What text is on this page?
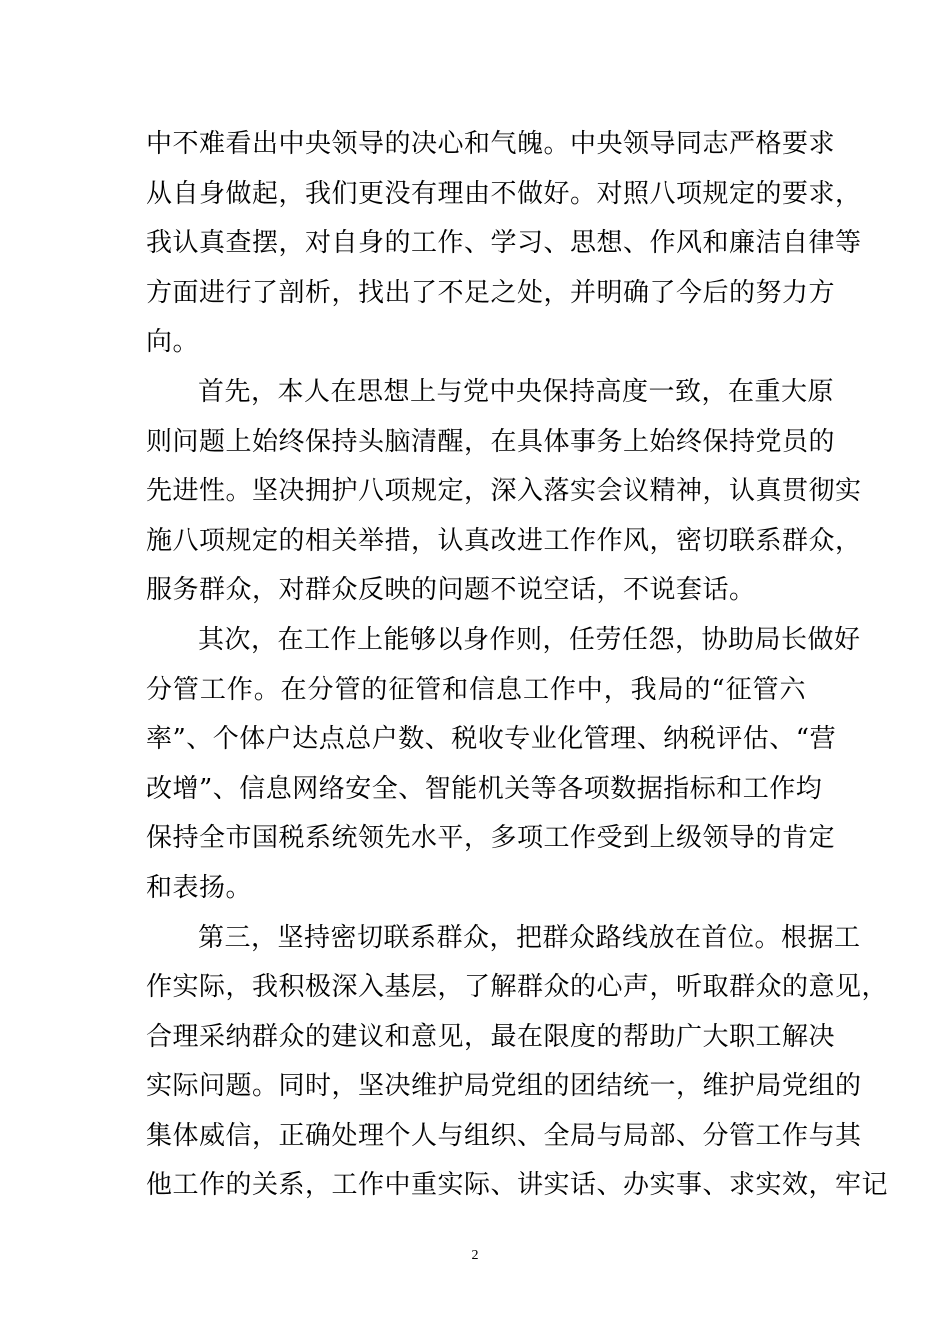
中不难看出中央领导的决心和气魄。中央领导同志严格要求
从自身做起，我们更没有理由不做好。对照八项规定的要求，
我认真查摆，对自身的工作、学习、思想、作风和廉洁自律等
方面进行了剖析，找出了不足之处，并明确了今后的努力方
向。
首先，本人在思想上与党中央保持高度一致，在重大原
则问题上始终保持头脑清醒，在具体事务上始终保持党员的
先进性。坚决拥护八项规定，深入落实会议精神，认真贯彻实
施八项规定的相关举措，认真改进工作作风，密切联系群众，
服务群众，对群众反映的问题不说空话，不说套话。
其次，在工作上能够以身作则，任劳任怨，协助局长做好
分管工作。在分管的征管和信息工作中，我局的“征管六
率”、个体户达点总户数、税收专业化管理、纳税评估、“营
改增”、信息网络安全、智能机关等各项数据指标和工作均
保持全市国税系统领先水平，多项工作受到上级领导的肯定
和表扬。
第三，坚持密切联系群众，把群众路线放在首位。根据工
作实际，我积极深入基层，了解群众的心声，听取群众的意见，
合理采纳群众的建议和意见，最在限度的帮助广大职工解决
实际问题。同时，坚决维护局党组的团结统一，维护局党组的
集体威信，正确处理个人与组织、全局与局部、分管工作与其
他工作的关系，工作中重实际、讲实话、办实事、求实效，牢记
2
